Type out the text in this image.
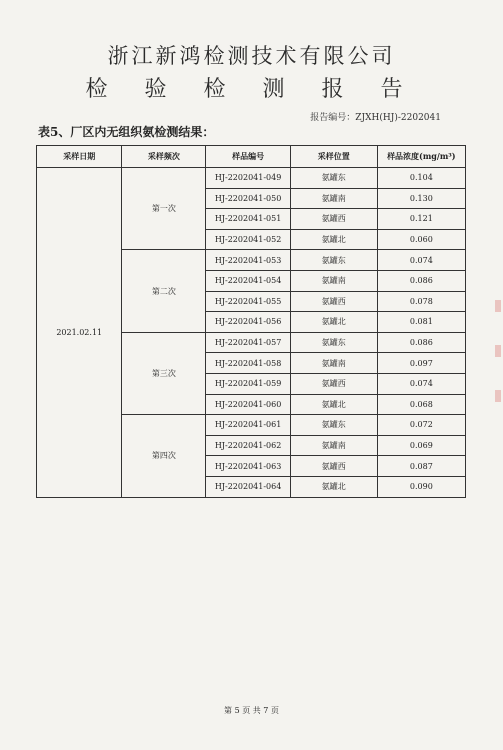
浙江新鸿检测技术有限公司
检 验 检 测 报 告
报告编号：ZJXH(HJ)-2202041
表5、厂区内无组织氨检测结果：
采样日期	采样频次	样品编号	采样位置	样品浓度(mg/m³)
2021.02.11	第一次	HJ-2202041-049	氨罐东	0.104
		HJ-2202041-050	氨罐南	0.130
		HJ-2202041-051	氨罐西	0.121
		HJ-2202041-052	氨罐北	0.060
	第二次	HJ-2202041-053	氨罐东	0.074
		HJ-2202041-054	氨罐南	0.086
		HJ-2202041-055	氨罐西	0.078
		HJ-2202041-056	氨罐北	0.081
	第三次	HJ-2202041-057	氨罐东	0.086
		HJ-2202041-058	氨罐南	0.097
		HJ-2202041-059	氨罐西	0.074
		HJ-2202041-060	氨罐北	0.068
	第四次	HJ-2202041-061	氨罐东	0.072
		HJ-2202041-062	氨罐南	0.069
		HJ-2202041-063	氨罐西	0.087
		HJ-2202041-064	氨罐北	0.090
第 5 页 共 7 页
